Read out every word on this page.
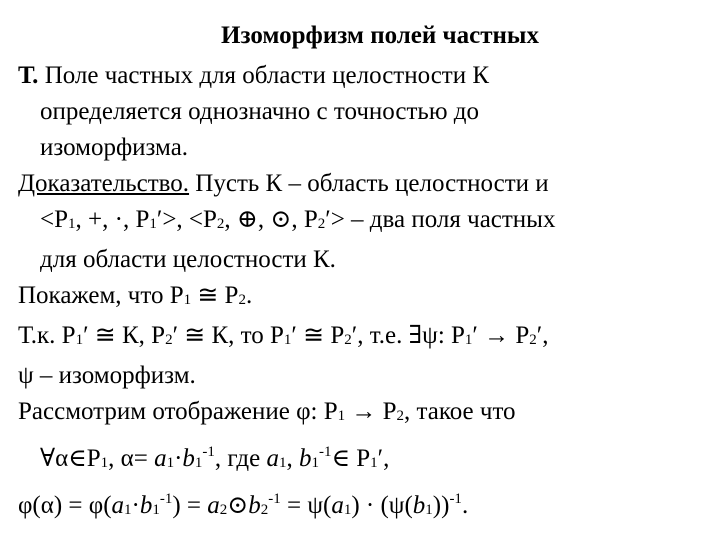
Изоморфизм полей частных
Т. Поле частных для области целостности К
определяется однозначно с точностью до
изоморфизма.
Доказательство. Пусть К – область целостности и
<P1, +, ·, P1′>, <P2, ⊕, ⊙, P2′> – два поля частных
для области целостности К.
Покажем, что P1 ≅ P2.
Т.к. P1′ ≅ К, P2′ ≅ К, то P1′ ≅ P2′, т.е. ∃ψ: P1′ → P2′,
ψ – изоморфизм.
Рассмотрим отображение φ: P1 → P2, такое что
∀α∈P1, $\alpha= a1\cdot b1^{-1}$, где a1, $b1^{-1}\in$ P1′,
$\varphi(\alpha) = \varphi(a1\cdot b1^{-1})$ = $a2⊙b2^{-1} = \psi(a1) \cdot (\psi(b1))^{-1}$.
